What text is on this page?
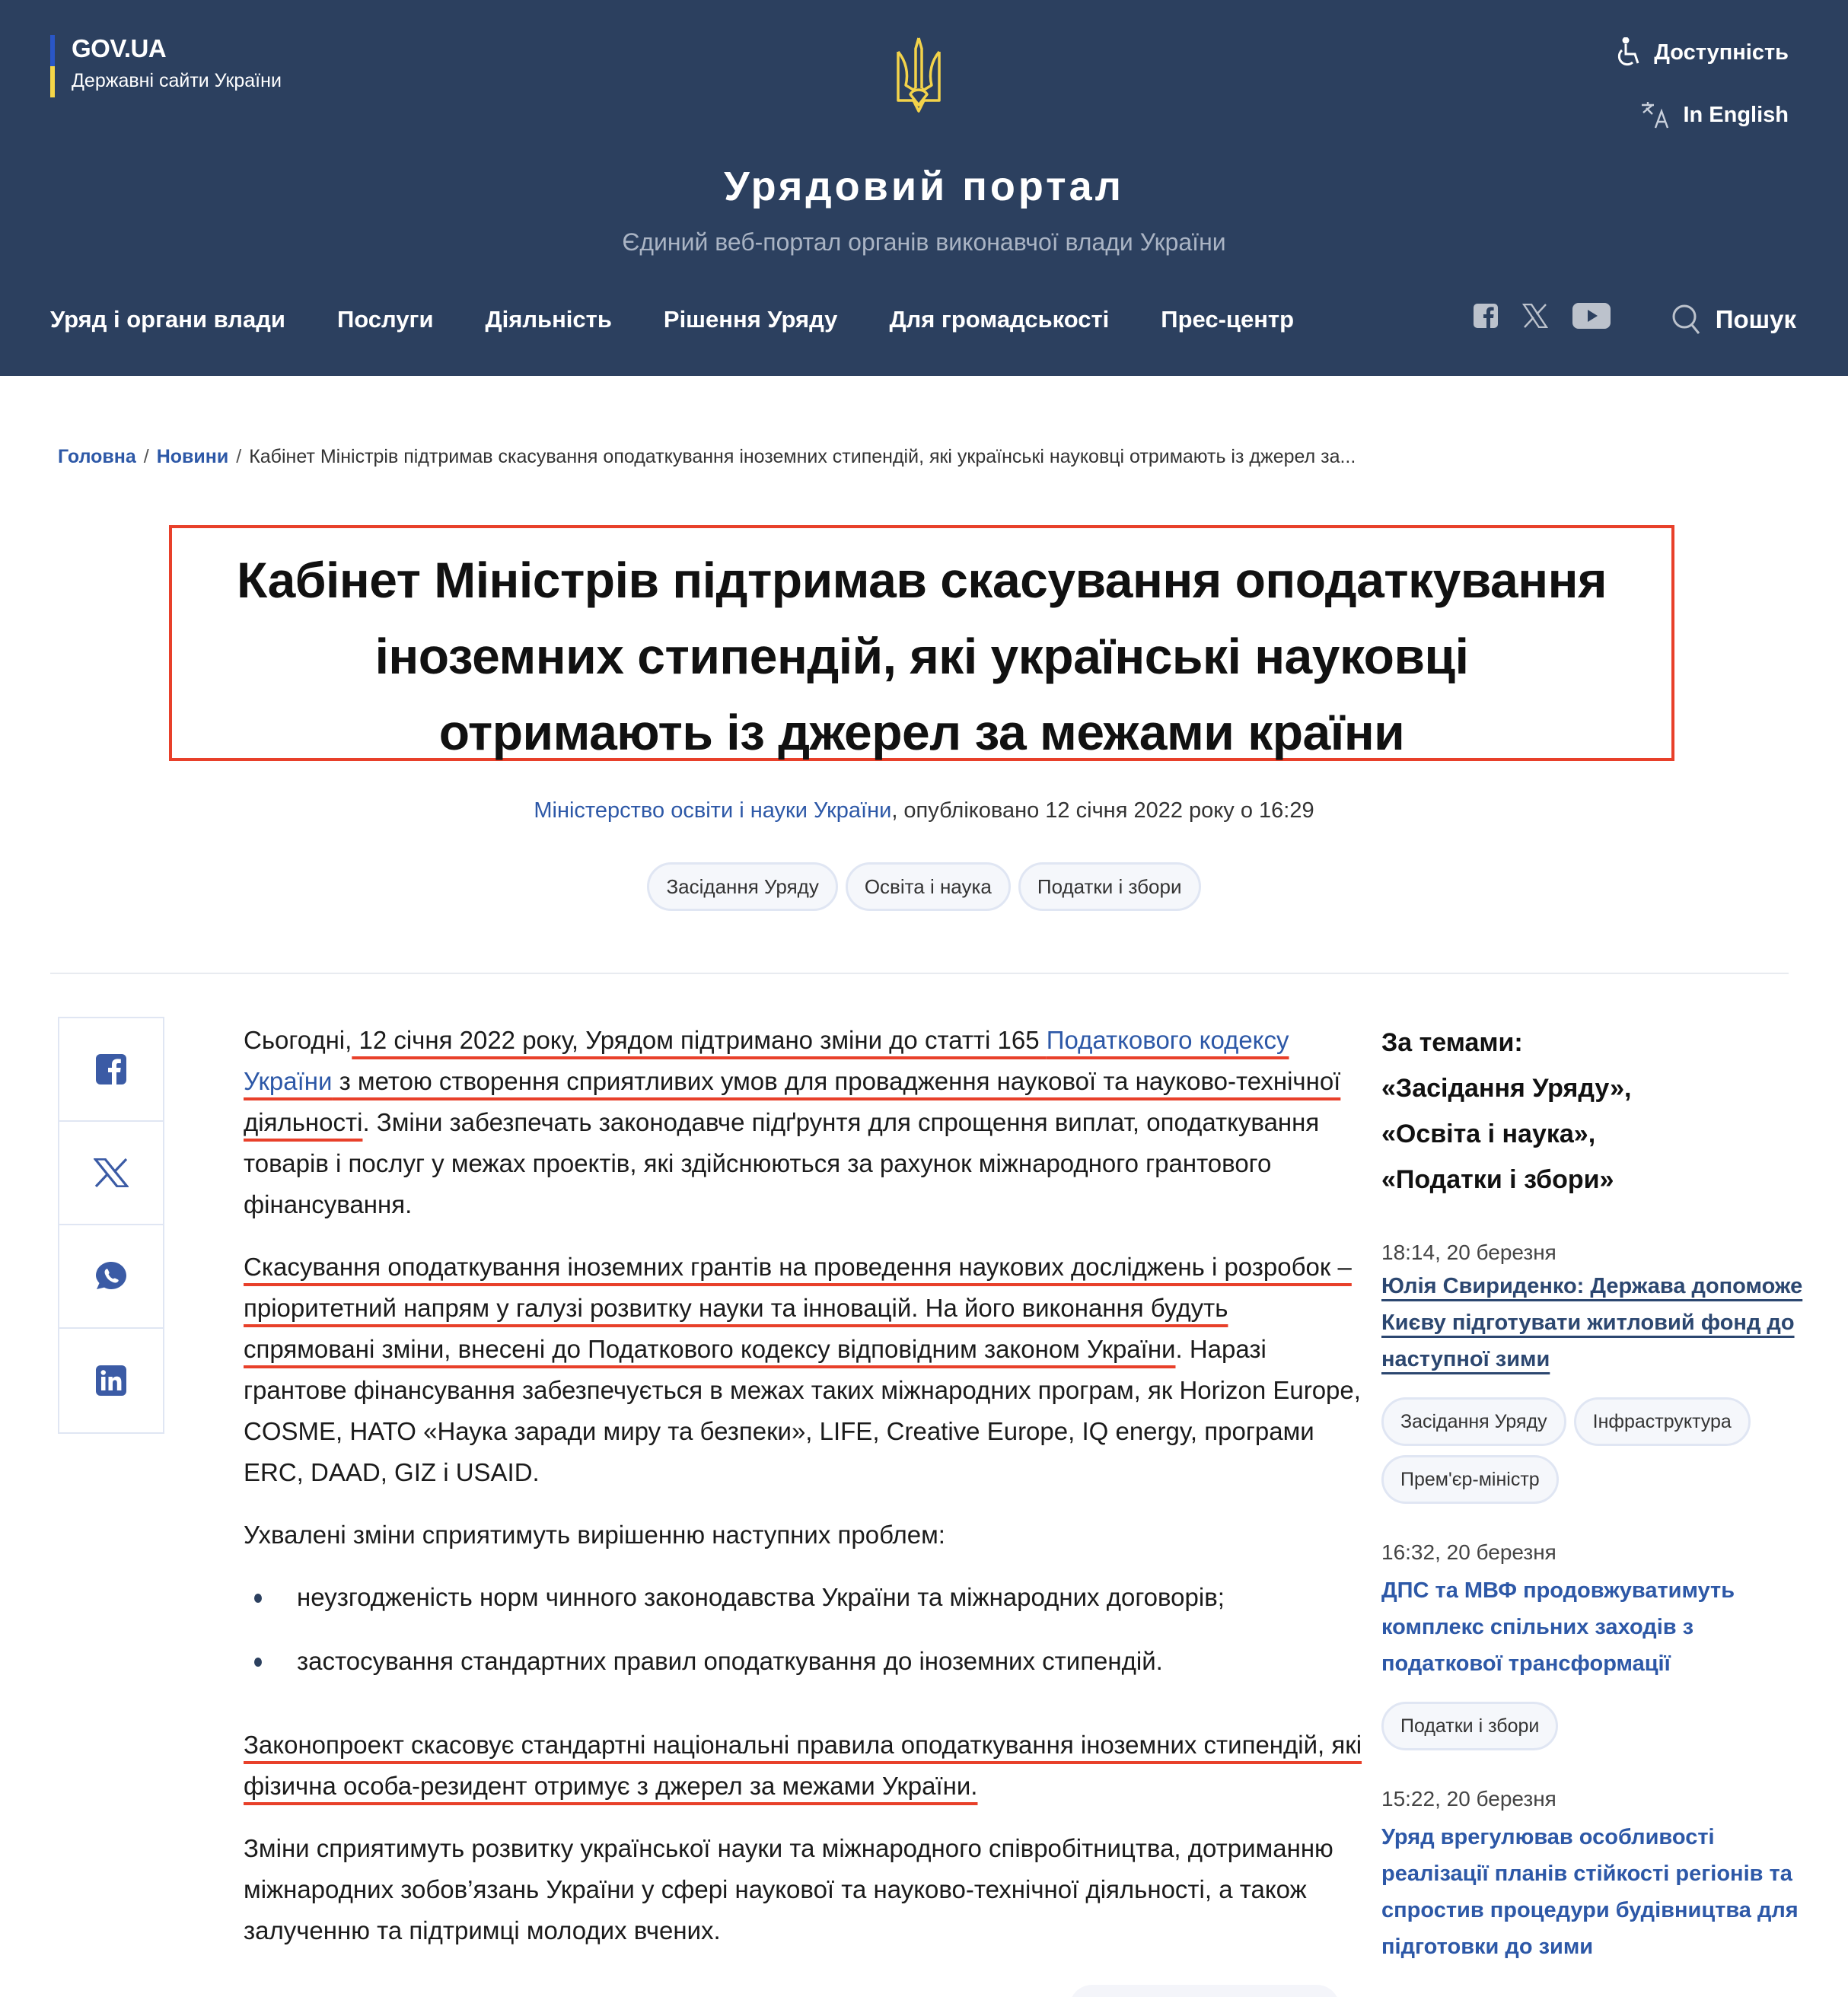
GOV.UA
Державні сайти України
Урядовий портал
Єдиний веб-портал органів виконавчої влади України
Доступність
In English
Уряд і органи влади Послуги Діяльність Рішення Уряду Для громадськості Прес-центр	Пошук
Головна / Новини / Кабінет Міністрів підтримав скасування оподаткування іноземних стипендій, які українські науковці отримають із джерел за...
Кабінет Міністрів підтримав скасування оподаткування
іноземних стипендій, які українські науковці
отримають із джерел за межами країни
Міністерство освіти і науки України, опубліковано 12 січня 2022 року о 16:29
Засідання Уряду	Освіта і наука	Податки і збори

Сьогодні, 12 січня 2022 року, Урядом підтримано зміни до статті 165 Податкового кодексу України з метою створення сприятливих умов для провадження наукової та науково-технічної діяльності. Зміни забезпечать законодавче підґрунтя для спрощення виплат, оподаткування товарів і послуг у межах проектів, які здійснюються за рахунок міжнародного грантового фінансування.

Скасування оподаткування іноземних грантів на проведення наукових досліджень і розробок – пріоритетний напрям у галузі розвитку науки та інновацій. На його виконання будуть спрямовані зміни, внесені до Податкового кодексу відповідним законом України. Наразі грантове фінансування забезпечується в межах таких міжнародних програм, як Horizon Europe, COSME, НАТО «Наука заради миру та безпеки», LIFE, Creative Europe, IQ energy, програми ERC, DAAD, GIZ і USAID.

Ухвалені зміни сприятимуть вирішенню наступних проблем:

неузгодженість норм чинного законодавства України та міжнародних договорів;
застосування стандартних правил оподаткування до іноземних стипендій.

Законопроект скасовує стандартні національні правила оподаткування іноземних стипендій, які фізична особа-резидент отримує з джерел за межами України.

Зміни сприятимуть розвитку української науки та міжнародного співробітництва, дотриманню міжнародних зобов’язань України у сфері наукової та науково-технічної діяльності, а також залученню та підтримці молодих вчених.

За темами:
«Засідання Уряду»,
«Освіта і наука»,
«Податки і збори»
18:14, 20 березня
Юлія Свириденко: Держава допоможе Києву підготувати житловий фонд до наступної зими
Засідання Уряду	Інфраструктура
Прем'єр-міністр
16:32, 20 березня
ДПС та МВФ продовжуватимуть комплекс спільних заходів з податкової трансформації
Податки і збори
15:22, 20 березня
Уряд врегулював особливості реалізації планів стійкості регіонів та спростив процедури будівництва для підготовки до зими
